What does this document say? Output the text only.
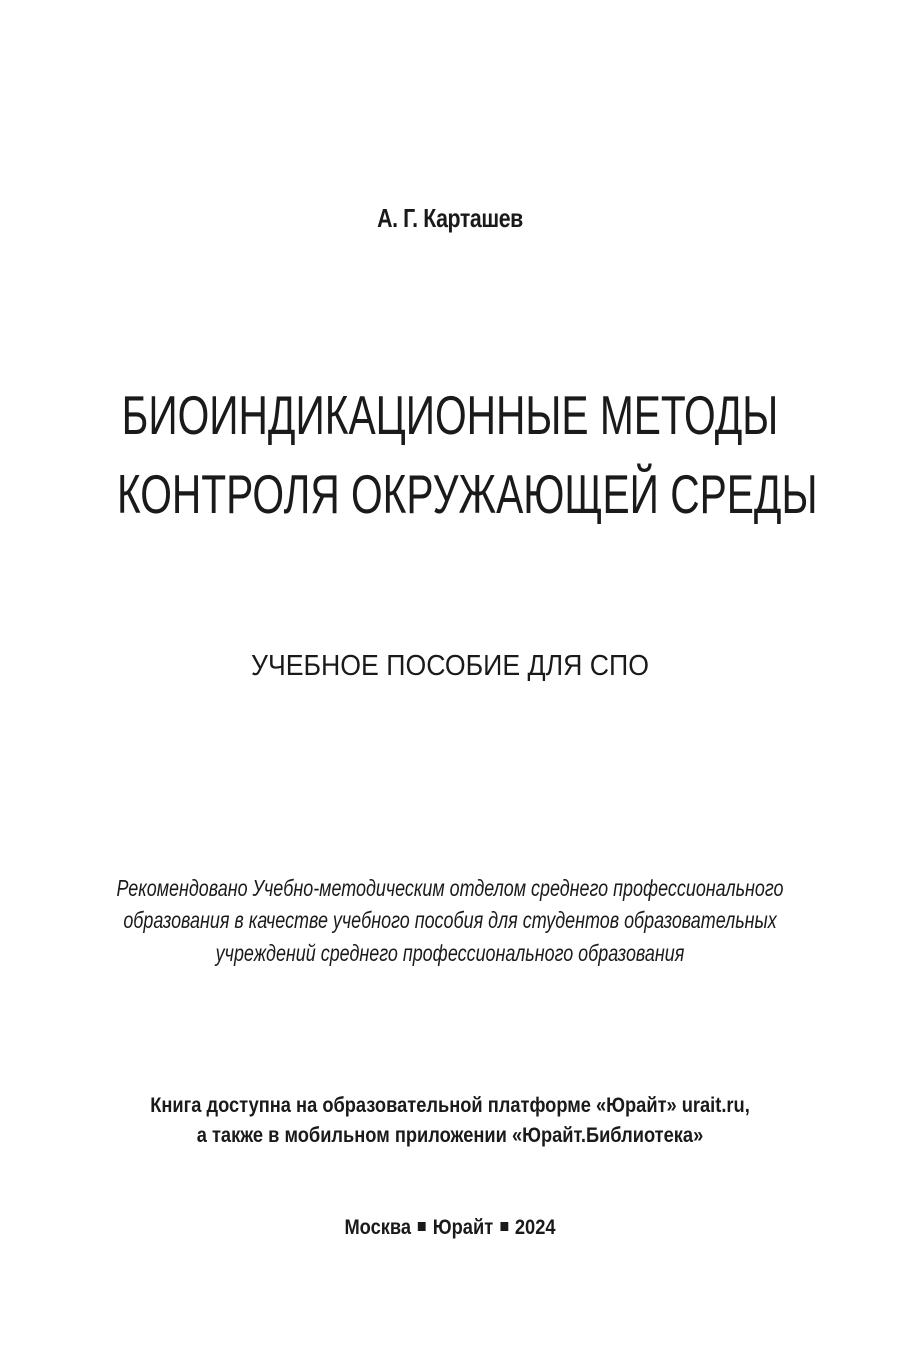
А. Г. Карташев
БИОИНДИКАЦИОННЫЕ МЕТОДЫ
КОНТРОЛЯ ОКРУЖАЮЩЕЙ СРЕДЫ
УЧЕБНОЕ ПОСОБИЕ ДЛЯ СПО
Рекомендовано Учебно-методическим отделом среднего профессионального
образования в качестве учебного пособия для студентов образовательных
учреждений среднего профессионального образования
Книга доступна на образовательной платформе «Юрайт» urait.ru,
а также в мобильном приложении «Юрайт.Библиотека»
Москва Юрайт 2024
